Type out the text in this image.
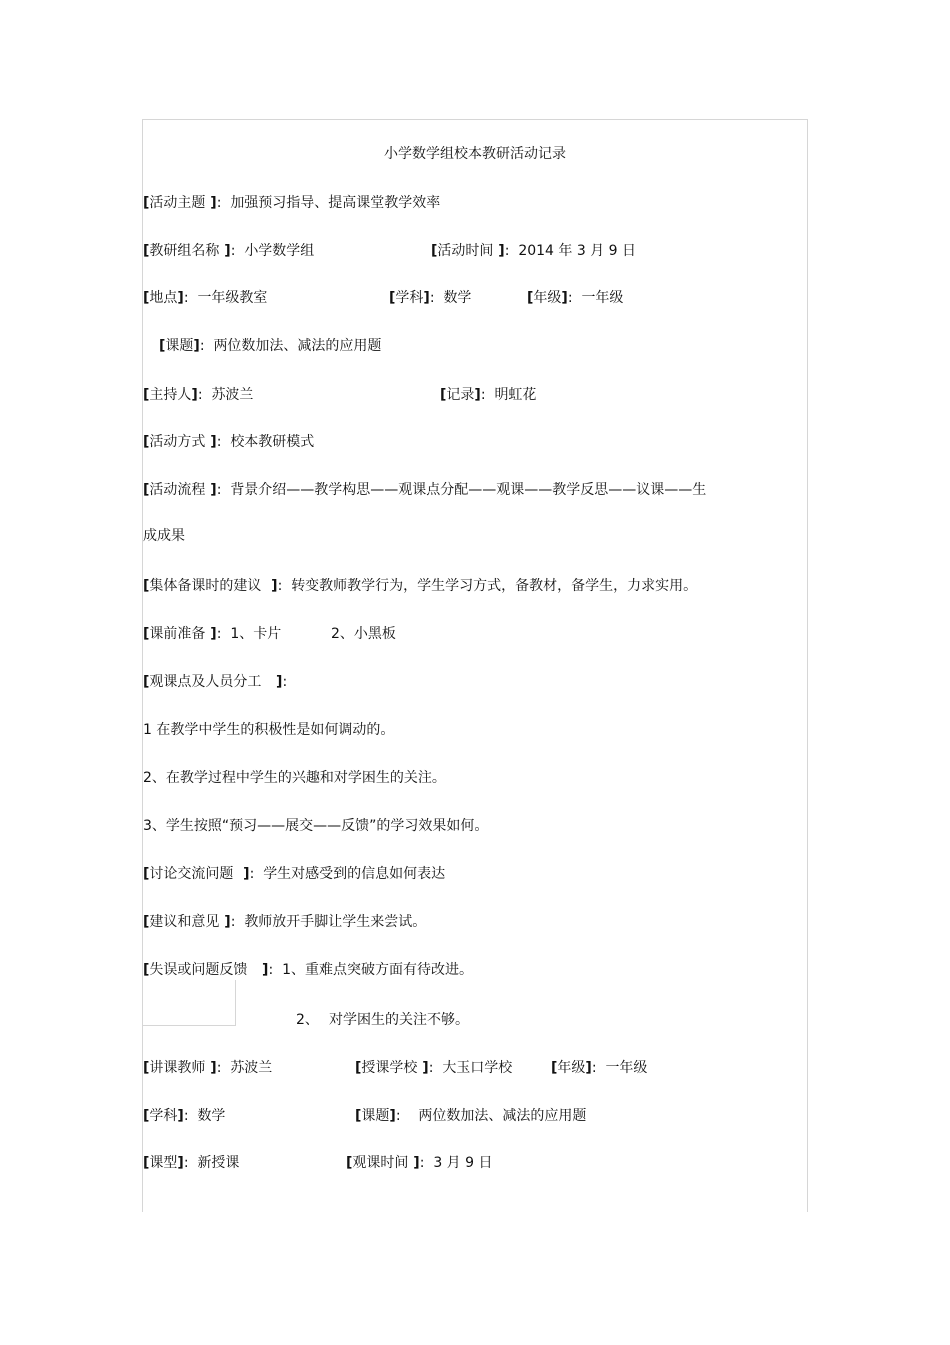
小学数学组校本教研活动记录
[活动主题 ]:  加强预习指导、提高课堂教学效率
[教研组名称 ]:  小学数学组	[活动时间 ]:  2014 年 3 月 9 日
[地点]:  一年级教室	[学科]:  数学	[年级]:  一年级
[课题]:  两位数加法、减法的应用题
[主持人]:  苏波兰	[记录]:  明虹花
[活动方式 ]:  校本教研模式
[活动流程 ]:  背景介绍——教学构思——观课点分配——观课——教学反思——议课——生
成成果
[集体备课时的建议  ]:  转变教师教学行为，学生学习方式，备教材，备学生，力求实用。
[课前准备 ]:  1、卡片	2、小黑板
[观课点及人员分工   ]:
1 在教学中学生的积极性是如何调动的。
2、在教学过程中学生的兴趣和对学困生的关注。
3、学生按照“预习——展交——反馈”的学习效果如何。
[讨论交流问题  ]:  学生对感受到的信息如何表达
[建议和意见 ]:  教师放开手脚让学生来尝试。
[失误或问题反馈   ]:  1、重难点突破方面有待改进。
2、 对学困生的关注不够。
[讲课教师 ]:  苏波兰	[授课学校 ]:  大玉口学校	[年级]:  一年级
[学科]:  数学	[课题]:    两位数加法、减法的应用题
[课型]:  新授课	[观课时间 ]:  3 月 9 日
